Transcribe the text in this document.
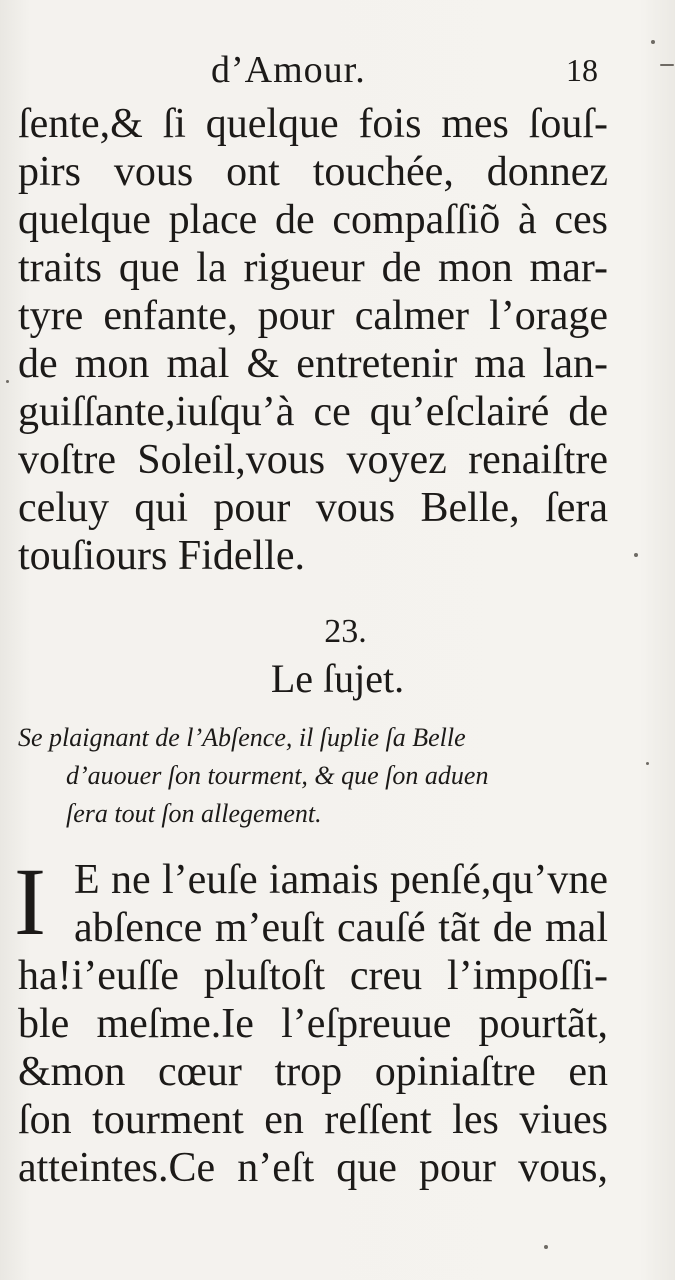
d’Amour.	18
ſente,& ſi quelque fois mes ſouſ-
pirs vous ont touchée, donnez
quelque place de compaſſiõ à ces
traits que la rigueur de mon mar-
tyre enfante, pour calmer l’orage
de mon mal & entretenir ma lan-
guiſſante,iuſqu’à ce qu’eſclairé de
voſtre Soleil,vous voyez renaiſtre
celuy qui pour vous Belle, ſera
touſiours Fidelle.
23.
Le ſujet.
Se plaignant de l’Abſence, il ſuplie ſa Belle
d’auouer ſon tourment, & que ſon aduen
ſera tout ſon allegement.
I E ne l’euſe iamais penſé,qu’vne
abſence m’euſt cauſé tãt de mal
ha!i’euſſe pluſtoſt creu l’impoſſi-
ble meſme.Ie l’eſpreuue pourtãt,
&mon cœur trop opiniaſtre en
ſon tourment en reſſent les viues
atteintes.Ce n’eſt que pour vous,
